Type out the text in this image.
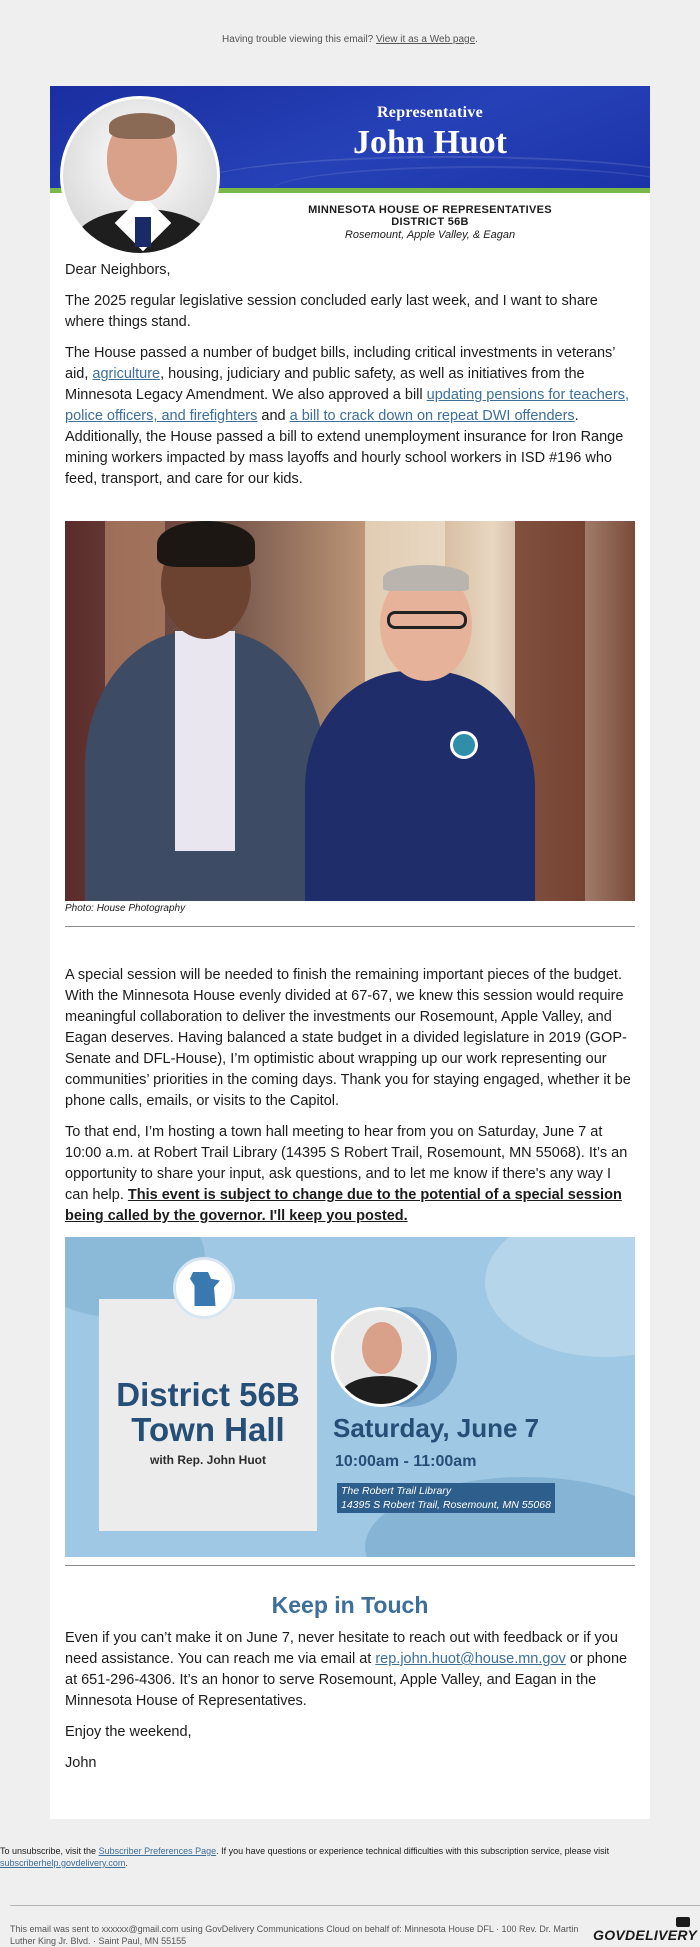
Having trouble viewing this email? View it as a Web page.
Representative
John Huot
MINNESOTA HOUSE OF REPRESENTATIVES
DISTRICT 56B
Rosemount, Apple Valley, & Eagan

Dear Neighbors,

The 2025 regular legislative session concluded early last week, and I want to share where things stand.

The House passed a number of budget bills, including critical investments in veterans’ aid, agriculture, housing, judiciary and public safety, as well as initiatives from the Minnesota Legacy Amendment. We also approved a bill updating pensions for teachers, police officers, and firefighters and a bill to crack down on repeat DWI offenders. Additionally, the House passed a bill to extend unemployment insurance for Iron Range mining workers impacted by mass layoffs and hourly school workers in ISD #196 who feed, transport, and care for our kids.

Photo: House Photography

A special session will be needed to finish the remaining important pieces of the budget. With the Minnesota House evenly divided at 67-67, we knew this session would require meaningful collaboration to deliver the investments our Rosemount, Apple Valley, and Eagan deserves. Having balanced a state budget in a divided legislature in 2019 (GOP-Senate and DFL-House), I’m optimistic about wrapping up our work representing our communities’ priorities in the coming days. Thank you for staying engaged, whether it be phone calls, emails, or visits to the Capitol.

To that end, I’m hosting a town hall meeting to hear from you on Saturday, June 7 at 10:00 a.m. at Robert Trail Library (14395 S Robert Trail, Rosemount, MN 55068). It’s an opportunity to share your input, ask questions, and to let me know if there's any way I can help. This event is subject to change due to the potential of a special session being called by the governor. I'll keep you posted.

District 56B Town Hall
with Rep. John Huot
Saturday, June 7
10:00am - 11:00am
The Robert Trail Library
14395 S Robert Trail, Rosemount, MN 55068
Keep in Touch

Even if you can’t make it on June 7, never hesitate to reach out with feedback or if you need assistance. You can reach me via email at rep.john.huot@house.mn.gov or phone at 651-296-4306. It’s an honor to serve Rosemount, Apple Valley, and Eagan in the Minnesota House of Representatives.

Enjoy the weekend,

John

To unsubscribe, visit the Subscriber Preferences Page. If you have questions or experience technical difficulties with this subscription service, please visit subscriberhelp.govdelivery.com.
This email was sent to xxxxxx@gmail.com using GovDelivery Communications Cloud on behalf of: Minnesota House DFL · 100 Rev. Dr. Martin Luther King Jr. Blvd. · Saint Paul, MN 55155	GOVDELIVERY
